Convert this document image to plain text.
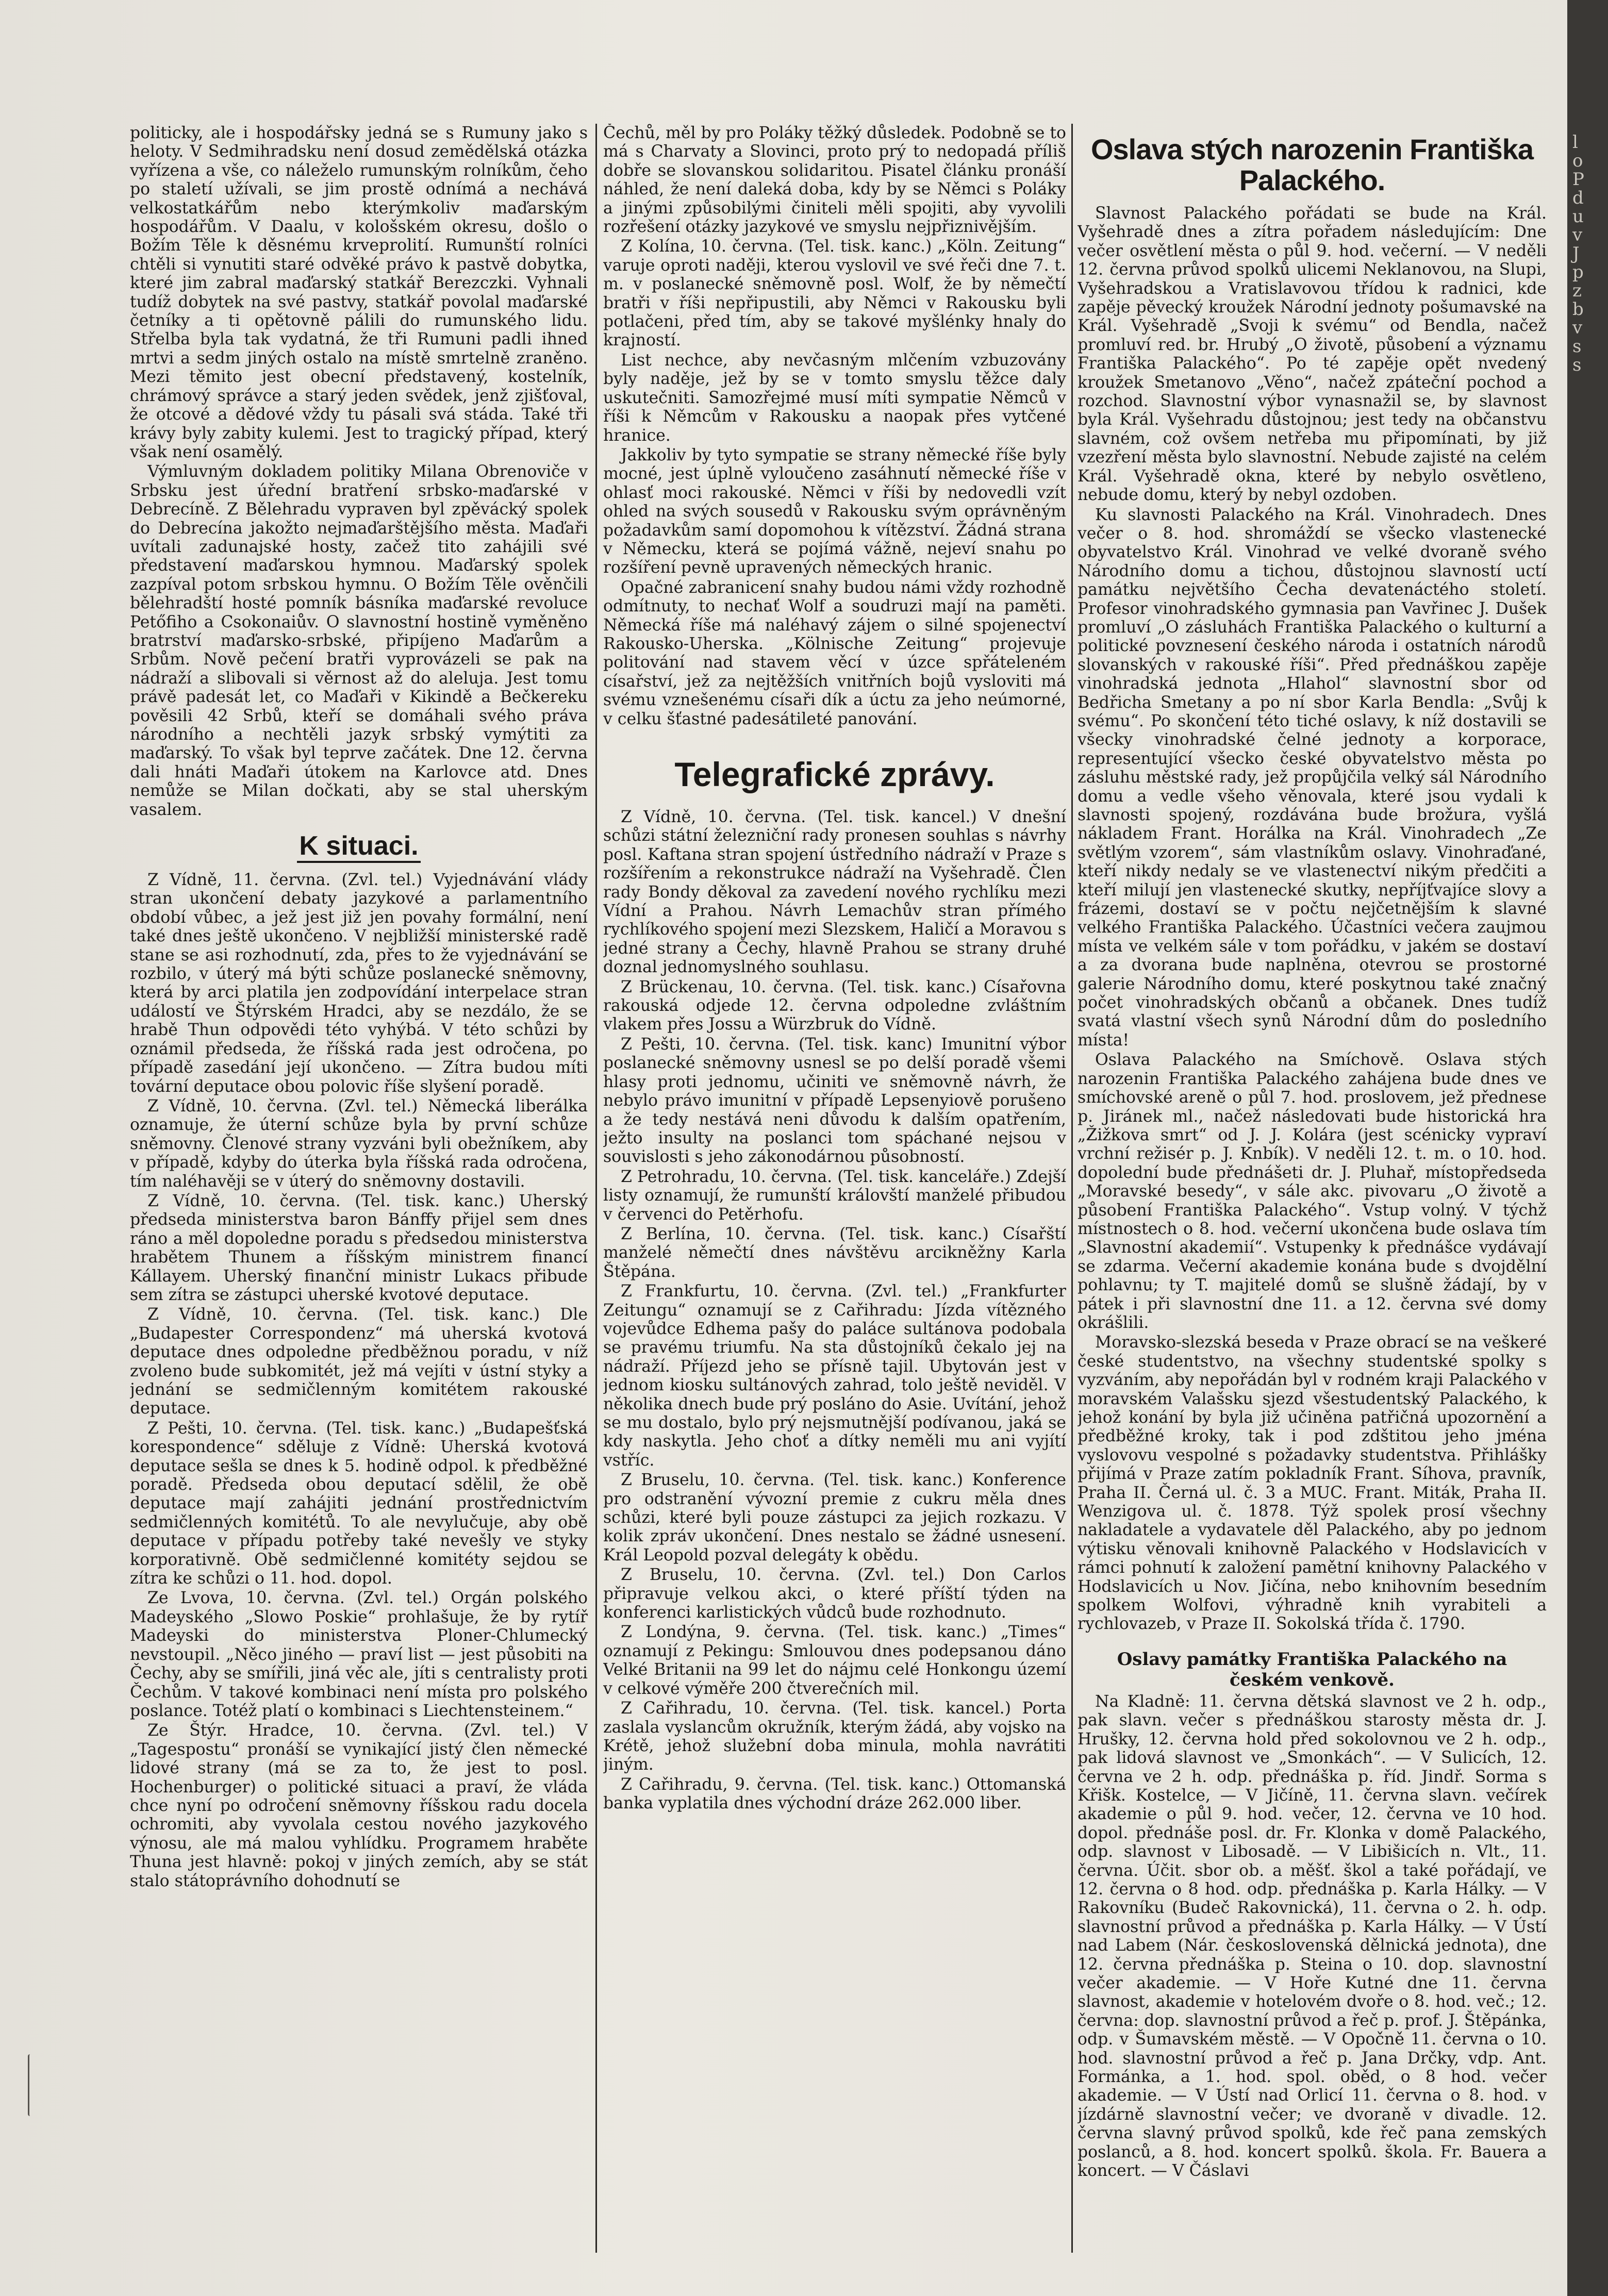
politicky, ale i hospodářsky jedná se s Rumuny jako s heloty. V Sedmihradsku není dosud zemědělská otázka vyřízena a vše, co náleželo rumunským rolníkům, čeho po staletí užívali, se jim prostě odnímá a nechává velkostatkářům nebo kterýmkoliv maďarským hospodářům. V Daalu, v kološském okresu, došlo o Božím Těle k děsnému krveprolití. Rumunští rolníci chtěli si vynutiti staré odvěké právo k pastvě dobytka, které jim zabral maďarský statkář Berezczki. Vyhnali tudíž dobytek na své pastvy, statkář povolal maďarské četníky a ti opětovně pálili do rumunského lidu. Střelba byla tak vydatná, že tři Rumuni padli ihned mrtvi a sedm jiných ostalo na místě smrtelně zraněno. Mezi těmito jest obecní představený, kostelník, chrámový správce a starý jeden svědek, jenž zjišťoval, že otcové a dědové vždy tu pásali svá stáda. Také tři krávy byly zabity kulemi. Jest to tragický případ, který však není osamělý.

Výmluvným dokladem politiky Milana Obrenoviče v Srbsku jest úřední bratření srbsko-maďarské v Debrecíně. Z Bělehradu vypraven byl zpěvácký spolek do Debrecína jakožto nejmaďarštějšího města. Maďaři uvítali zadunajské hosty, začež tito zahájili své představení maďarskou hymnou. Maďarský spolek zazpíval potom srbskou hymnu. O Božím Těle ověnčili bělehradští hosté pomník básníka maďarské revoluce Petőfiho a Csokonaiův. O slavnostní hostině vyměněno bratrství maďarsko-srbské, připíjeno Maďarům a Srbům. Nově pečení bratři vyprovázeli se pak na nádraží a slibovali si věrnost až do aleluja. Jest tomu právě padesát let, co Maďaři v Kikindě a Bečkereku pověsili 42 Srbů, kteří se domáhali svého práva národního a nechtěli jazyk srbský vymýtiti za maďarský. To však byl teprve začátek. Dne 12. června dali hnáti Maďaři útokem na Karlovce atd. Dnes nemůže se Milan dočkati, aby se stal uherským vasalem.

K situaci.

Z Vídně, 11. června. (Zvl. tel.) Vyjednávání vlády stran ukončení debaty jazykové a parlamentního období vůbec, a jež jest již jen povahy formální, není také dnes ještě ukončeno. V nejbližší ministerské radě stane se asi rozhodnutí, zda, přes to že vyjednávání se rozbilo, v úterý má býti schůze poslanecké sněmovny, která by arci platila jen zodpovídání interpelace stran událostí ve Štýrském Hradci, aby se nezdálo, že se hrabě Thun odpovědi této vyhýbá. V této schůzi by oznámil předseda, že říšská rada jest odročena, po případě zasedání její ukončeno. — Zítra budou míti tovární deputace obou polovic říše slyšení poradě.

Z Vídně, 10. června. (Zvl. tel.) Německá liberálka oznamuje, že úterní schůze byla by první schůze sněmovny. Členové strany vyzváni byli obežníkem, aby v případě, kdyby do úterka byla říšská rada odročena, tím naléhavěji se v úterý do sněmovny dostavili.

Z Vídně, 10. června. (Tel. tisk. kanc.) Uherský předseda ministerstva baron Bánffy přijel sem dnes ráno a měl dopoledne poradu s předsedou ministerstva hrabětem Thunem a říšským ministrem financí Kállayem. Uherský finanční ministr Lukacs přibude sem zítra se zástupci uherské kvotové deputace.

Z Vídně, 10. června. (Tel. tisk. kanc.) Dle „Budapester Correspondenz“ má uherská kvotová deputace dnes odpoledne předběžnou poradu, v níž zvoleno bude subkomitét, jež má vejíti v ústní styky a jednání se sedmičlenným komitétem rakouské deputace.

Z Pešti, 10. června. (Tel. tisk. kanc.) „Budapešťská korespondence“ sděluje z Vídně: Uherská kvotová deputace sešla se dnes k 5. hodině odpol. k předběžné poradě. Předseda obou deputací sdělil, že obě deputace mají zahájiti jednání prostřednictvím sedmičlenných komitétů. To ale nevylučuje, aby obě deputace v případu potřeby také nevešly ve styky korporativně. Obě sedmičlenné komitéty sejdou se zítra ke schůzi o 11. hod. dopol.

Ze Lvova, 10. června. (Zvl. tel.) Orgán polského Madeyského „Slowo Poskie“ prohlašuje, že by rytíř Madeyski do ministerstva Ploner-Chlumecký nevstoupil. „Něco jiného — praví list — jest působiti na Čechy, aby se smířili, jiná věc ale, jíti s centralisty proti Čechům. V takové kombinaci není místa pro polského poslance. Totéž platí o kombinaci s Liechtensteinem.“

Ze Štýr. Hradce, 10. června. (Zvl. tel.) V „Tagespostu“ pronáší se vynikající jistý člen německé lidové strany (má se za to, že jest to posl. Hochenburger) o politické situaci a praví, že vláda chce nyní po odročení sněmovny říšskou radu docela ochromiti, aby vyvolala cestou nového jazykového výnosu, ale má malou vyhlídku. Programem hraběte Thuna jest hlavně: pokoj v jiných zemích, aby se stát stalo státoprávního dohodnutí se

Čechů, měl by pro Poláky těžký důsledek. Podobně se to má s Charvaty a Slovinci, proto prý to nedopadá příliš dobře se slovanskou solidaritou. Pisatel článku pronáší náhled, že není daleká doba, kdy by se Němci s Poláky a jinými způsobilými činiteli měli spojiti, aby vyvolili rozřešení otázky jazykové ve smyslu nejpřiznivějším.

Z Kolína, 10. června. (Tel. tisk. kanc.) „Köln. Zeitung“ varuje oproti naději, kterou vyslovil ve své řeči dne 7. t. m. v poslanecké sněmovně posl. Wolf, že by němečtí bratři v říši nepřipustili, aby Němci v Rakousku byli potlačeni, před tím, aby se takové myšlénky hnaly do krajností.

List nechce, aby nevčasným mlčením vzbuzovány byly naděje, jež by se v tomto smyslu těžce daly uskutečniti. Samozřejmé musí míti sympatie Němců v říši k Němcům v Rakousku a naopak přes vytčené hranice.

Jakkoliv by tyto sympatie se strany německé říše byly mocné, jest úplně vyloučeno zasáhnutí německé říše v ohlasť moci rakouské. Němci v říši by nedovedli vzít ohled na svých sousedů v Rakousku svým oprávněným požadavkům samí dopomohou k vítězství. Žádná strana v Německu, která se pojímá vážně, nejeví snahu po rozšíření pevně upravených německých hranic.

Opačné zabranicení snahy budou námi vždy rozhodně odmítnuty, to nechať Wolf a soudruzi mají na paměti. Německá říše má naléhavý zájem o silné spojenectví Rakousko-Uherska. „Kölnische Zeitung“ projevuje politování nad stavem věcí v úzce spřáteleném císařství, jež za nejtěžších vnitřních bojů vysloviti má svému vznešenému císaři dík a úctu za jeho neúmorné, v celku šťastné padesátileté panování.

Telegrafické zprávy.

Z Vídně, 10. června. (Tel. tisk. kancel.) V dnešní schůzi státní železniční rady pronesen souhlas s návrhy posl. Kaftana stran spojení ústředního nádraží v Praze s rozšířením a rekonstrukce nádraží na Vyšehradě. Člen rady Bondy děkoval za zavedení nového rychlíku mezi Vídní a Prahou. Návrh Lemachův stran přímého rychlíkového spojení mezi Slezskem, Haličí a Moravou s jedné strany a Čechy, hlavně Prahou se strany druhé doznal jednomyslného souhlasu.

Z Brückenau, 10. června. (Tel. tisk. kanc.) Císařovna rakouská odjede 12. června odpoledne zvláštním vlakem přes Jossu a Würzbruk do Vídně.

Z Pešti, 10. června. (Tel. tisk. kanc) Imunitní výbor poslanecké sněmovny usnesl se po delší poradě všemi hlasy proti jednomu, učiniti ve sněmovně návrh, že nebylo právo imunitní v případě Lepsenyiově porušeno a že tedy nestává neni důvodu k dalším opatřením, ježto insulty na poslanci tom spáchané nejsou v souvislosti s jeho zákonodárnou působností.

Z Petrohradu, 10. června. (Tel. tisk. kanceláře.) Zdejší listy oznamují, že rumunští královští manželé přibudou v červenci do Petěrhofu.

Z Berlína, 10. června. (Tel. tisk. kanc.) Císařští manželé němečtí dnes návštěvu arcikněžny Karla Štěpána.

Z Frankfurtu, 10. června. (Zvl. tel.) „Frankfurter Zeitungu“ oznamují se z Cařihradu: Jízda vítězného vojevůdce Edhema pašy do paláce sultánova podobala se pravému triumfu. Na sta důstojníků čekalo jej na nádraží. Příjezd jeho se přísně tajil. Ubytován jest v jednom kiosku sultánových zahrad, tolo ještě neviděl. V několika dnech bude prý posláno do Asie. Uvítání, jehož se mu dostalo, bylo prý nejsmutnější podívanou, jaká se kdy naskytla. Jeho choť a dítky neměli mu ani vyjítí vstříc.

Z Bruselu, 10. června. (Tel. tisk. kanc.) Konference pro odstranění vývozní premie z cukru měla dnes schůzi, které byli pouze zástupci za jejich rozkazu. V kolik zpráv ukončení. Dnes nestalo se žádné usnesení. Král Leopold pozval delegáty k obědu.

Z Bruselu, 10. června. (Zvl. tel.) Don Carlos připravuje velkou akci, o které příští týden na konferenci karlistických vůdců bude rozhodnuto.

Z Londýna, 9. června. (Tel. tisk. kanc.) „Times“ oznamují z Pekingu: Smlouvou dnes podepsanou dáno Velké Britanii na 99 let do nájmu celé Honkongu území v celkové výměře 200 čtverečních mil.

Z Cařihradu, 10. června. (Tel. tisk. kancel.) Porta zaslala vyslancům okružník, kterým žádá, aby vojsko na Krétě, jehož služební doba minula, mohla navrátiti jiným.

Z Cařihradu, 9. června. (Tel. tisk. kanc.) Ottomanská banka vyplatila dnes východní dráze 262.000 liber.

Oslava stých narozenin Františka Palackého.

Slavnost Palackého pořádati se bude na Král. Vyšehradě dnes a zítra pořadem následujícím: Dne večer osvětlení města o půl 9. hod. večerní. — V neděli 12. června průvod spolků ulicemi Neklanovou, na Slupi, Vyšehradskou a Vratislavovou třídou k radnici, kde zapěje pěvecký kroužek Národní jednoty pošumavské na Král. Vyšehradě „Svoji k svému“ od Bendla, načež promluví red. br. Hrubý „O životě, působení a významu Františka Palackého“. Po té zapěje opět nvedený kroužek Smetanovo „Věno“, načež zpáteční pochod a rozchod. Slavnostní výbor vynasnažil se, by slavnost byla Král. Vyšehradu důstojnou; jest tedy na občanstvu slavném, což ovšem netřeba mu připomínati, by již vzezření města bylo slavnostní. Nebude zajisté na celém Král. Vyšehradě okna, které by nebylo osvětleno, nebude domu, který by nebyl ozdoben.

Ku slavnosti Palackého na Král. Vinohradech. Dnes večer o 8. hod. shromáždí se všecko vlastenecké obyvatelstvo Král. Vinohrad ve velké dvoraně svého Národního domu a tichou, důstojnou slavností uctí památku největšího Čecha devatenáctého století. Profesor vinohradského gymnasia pan Vavřinec J. Dušek promluví „O zásluhách Františka Palackého o kulturní a politické povznesení českého národa i ostatních národů slovanských v rakouské říši“. Před přednáškou zapěje vinohradská jednota „Hlahol“ slavnostní sbor od Bedřicha Smetany a po ní sbor Karla Bendla: „Svůj k svému“. Po skončení této tiché oslavy, k níž dostavili se všecky vinohradské čelné jednoty a korporace, representující všecko české obyvatelstvo města po zásluhu městské rady, jež propůjčila velký sál Národního domu a vedle všeho věnovala, které jsou vydali k slavnosti spojený, rozdávána bude brožura, vyšlá nákladem Frant. Horálka na Král. Vinohradech „Ze světlým vzorem“, sám vlastníkům oslavy. Vinohraďané, kteří nikdy nedaly se ve vlastenectví nikým předčiti a kteří milují jen vlastenecké skutky, nepříjťvajíce slovy a frázemi, dostaví se v počtu nejčetnějším k slavné velkého Františka Palackého. Účastníci večera zaujmou místa ve velkém sále v tom pořádku, v jakém se dostaví a za dvorana bude naplněna, otevrou se prostorné galerie Národního domu, které poskytnou také značný počet vinohradských občanů a občanek. Dnes tudíž svatá vlastní všech synů Národní dům do posledního místa!

Oslava Palackého na Smíchově. Oslava stých narozenin Františka Palackého zahájena bude dnes ve smíchovské areně o půl 7. hod. proslovem, jež přednese p. Jiránek ml., načež následovati bude historická hra „Žižkova smrt“ od J. J. Kolára (jest scénicky vypraví vrchní režisér p. J. Knbík). V neděli 12. t. m. o 10. hod. dopolední bude přednášeti dr. J. Pluhař, místopředseda „Moravské besedy“, v sále akc. pivovaru „O životě a působení Františka Palackého“. Vstup volný. V týchž místnostech o 8. hod. večerní ukončena bude oslava tím „Slavnostní akademií“. Vstupenky k přednášce vydávají se zdarma. Večerní akademie konána bude s dvojdělní pohlavnu; ty T. majitelé domů se slušně žádají, by v pátek i při slavnostní dne 11. a 12. června své domy okrášlili.

Moravsko-slezská beseda v Praze obrací se na veškeré české studentstvo, na všechny studentské spolky s vyzváním, aby nepořádán byl v rodném kraji Palackého v moravském Valašsku sjezd všestudentský Palackého, k jehož konání by byla již učiněna patřičná upozornění a předběžné kroky, tak i pod zdštitou jeho jména vyslovovu vespolné s požadavky studentstva. Přihlášky přijímá v Praze zatím pokladník Frant. Síhova, pravník, Praha II. Černá ul. č. 3 a MUC. Frant. Miták, Praha II. Wenzigova ul. č. 1878. Týž spolek prosí všechny nakladatele a vydavatele děl Palackého, aby po jednom výtisku věnovali knihovně Palackého v Hodslavicích v rámci pohnutí k založení pamětní knihovny Palackého v Hodslavicích u Nov. Jičína, nebo knihovním besedním spolkem Wolfovi, výhradně knih vyrabiteli a rychlovazeb, v Praze II. Sokolská třída č. 1790.

Oslavy památky Františka Palackého na českém venkově.

Na Kladně: 11. června dětská slavnost ve 2 h. odp., pak slavn. večer s přednáškou starosty města dr. J. Hrušky, 12. června hold před sokolovnou ve 2 h. odp., pak lidová slavnost ve „Smonkách“. — V Sulicích, 12. června ve 2 h. odp. přednáška p. říd. Jindř. Sorma s Křišk. Kostelce, — V Jičíně, 11. června slavn. večírek akademie o půl 9. hod. večer, 12. června ve 10 hod. dopol. přednáše posl. dr. Fr. Klonka v domě Palackého, odp. slavnost v Libosadě. — V Libišicích n. Vlt., 11. června. Účit. sbor ob. a měšť. škol a také pořádají, ve 12. června o 8 hod. odp. přednáška p. Karla Hálky. — V Rakovníku (Budeč Rakovnická), 11. června o 2. h. odp. slavnostní průvod a přednáška p. Karla Hálky. — V Ústí nad Labem (Nár. československá dělnická jednota), dne 12. června přednáška p. Steina o 10. dop. slavnostní večer akademie. — V Hoře Kutné dne 11. června slavnost, akademie v hotelovém dvoře o 8. hod. več.; 12. června: dop. slavnostní průvod a řeč p. prof. J. Štěpánka, odp. v Šumavském městě. — V Opočně 11. června o 10. hod. slavnostní průvod a řeč p. Jana Drčky, vdp. Ant. Formánka, a 1. hod. spol. oběd, o 8 hod. večer akademie. — V Ústí nad Orlicí 11. června o 8. hod. v jízdárně slavnostní večer; ve dvoraně v divadle. 12. června slavný průvod spolků, kde řeč pana zemských poslanců, a 8. hod. koncert spolků. škola. Fr. Bauera a koncert. — V Čáslavi

l
o
P
d
u
v
J
p
z
b
v
s
s
